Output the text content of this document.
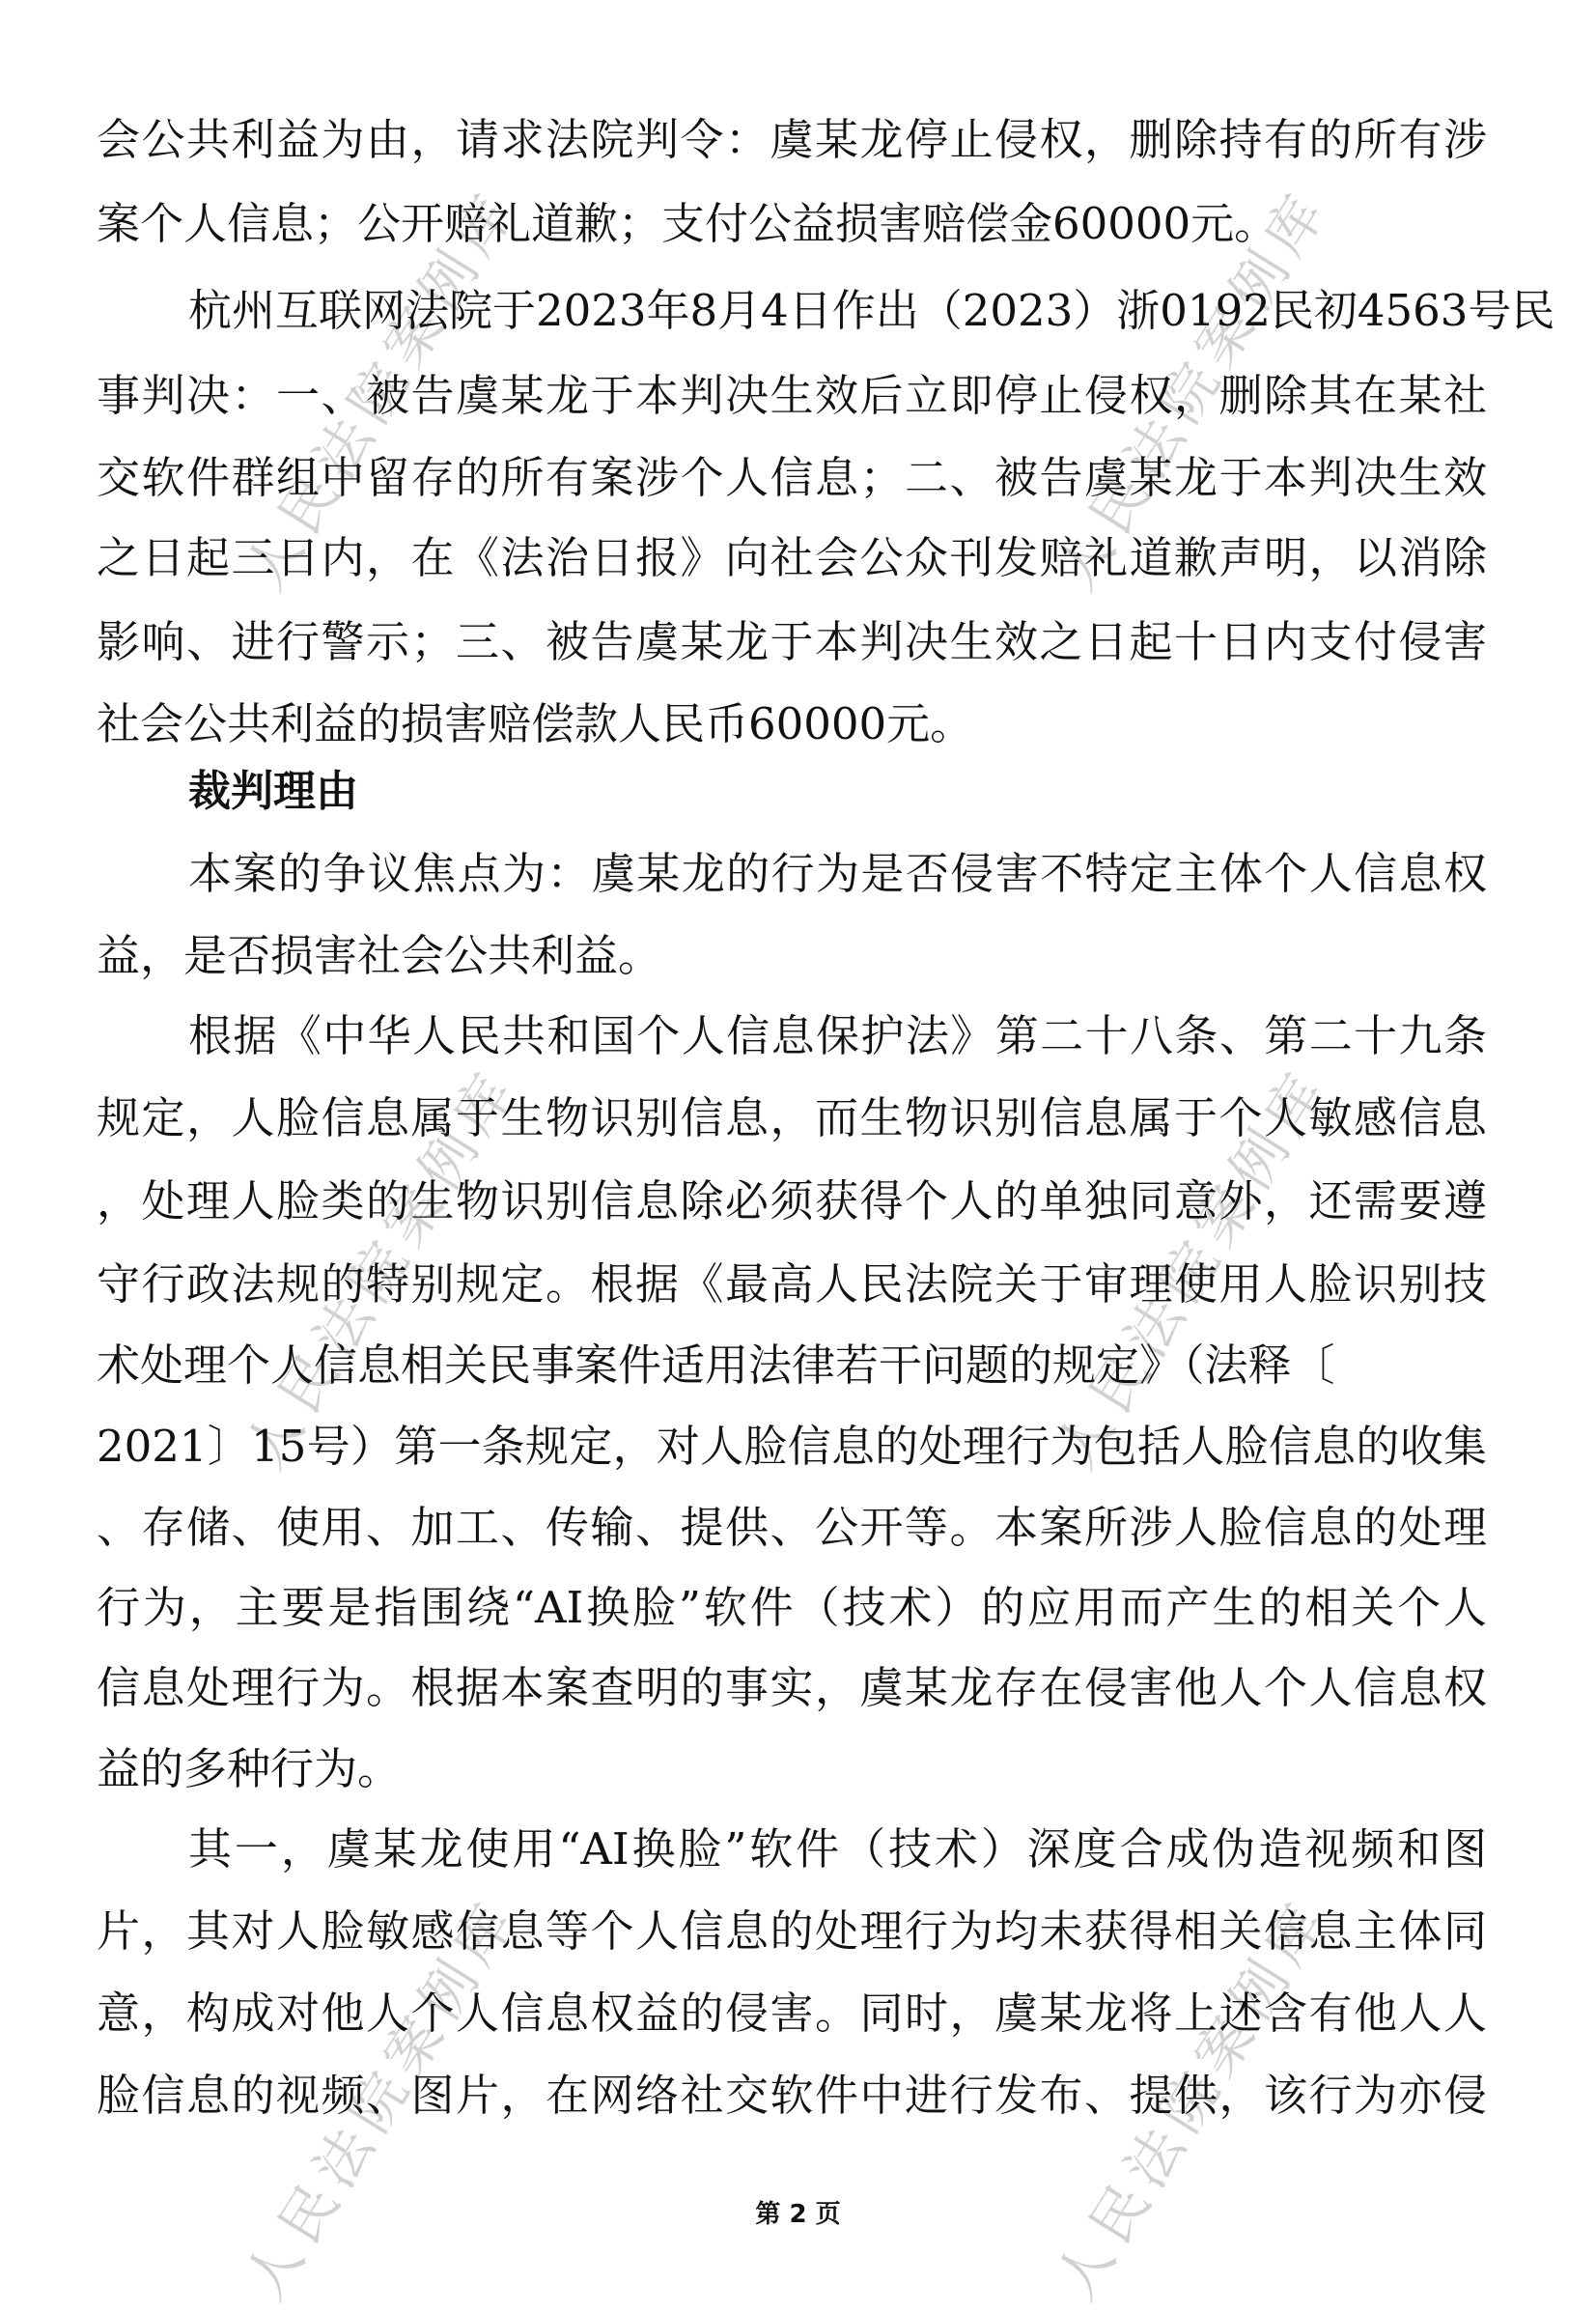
人民法院案例库	人民法院案例库
人民法院案例库	人民法院案例库
人民法院案例库	人民法院案例库
会公共利益为由，请求法院判令：虞某龙停止侵权，删除持有的所有涉
案个人信息；公开赔礼道歉；支付公益损害赔偿金60000元。
杭州互联网法院于2023年8月4日作出（2023）浙0192民初4563号民
事判决：一、被告虞某龙于本判决生效后立即停止侵权，删除其在某社
交软件群组中留存的所有案涉个人信息；二、被告虞某龙于本判决生效
之日起三日内，在《法治日报》向社会公众刊发赔礼道歉声明，以消除
影响、进行警示；三、被告虞某龙于本判决生效之日起十日内支付侵害
社会公共利益的损害赔偿款人民币60000元。
裁判理由
本案的争议焦点为：虞某龙的行为是否侵害不特定主体个人信息权
益，是否损害社会公共利益。
根据《中华人民共和国个人信息保护法》第二十八条、第二十九条
规定，人脸信息属于生物识别信息，而生物识别信息属于个人敏感信息
，处理人脸类的生物识别信息除必须获得个人的单独同意外，还需要遵
守行政法规的特别规定。根据《最高人民法院关于审理使用人脸识别技
术处理个人信息相关民事案件适用法律若干问题的规定》（法释〔
2021〕15号）第一条规定，对人脸信息的处理行为包括人脸信息的收集
、存储、使用、加工、传输、提供、公开等。本案所涉人脸信息的处理
行为，主要是指围绕“AI换脸”软件（技术）的应用而产生的相关个人
信息处理行为。根据本案查明的事实，虞某龙存在侵害他人个人信息权
益的多种行为。
其一，虞某龙使用“AI换脸”软件（技术）深度合成伪造视频和图
片，其对人脸敏感信息等个人信息的处理行为均未获得相关信息主体同
意，构成对他人个人信息权益的侵害。同时，虞某龙将上述含有他人人
脸信息的视频、图片，在网络社交软件中进行发布、提供，该行为亦侵
第 2 页
